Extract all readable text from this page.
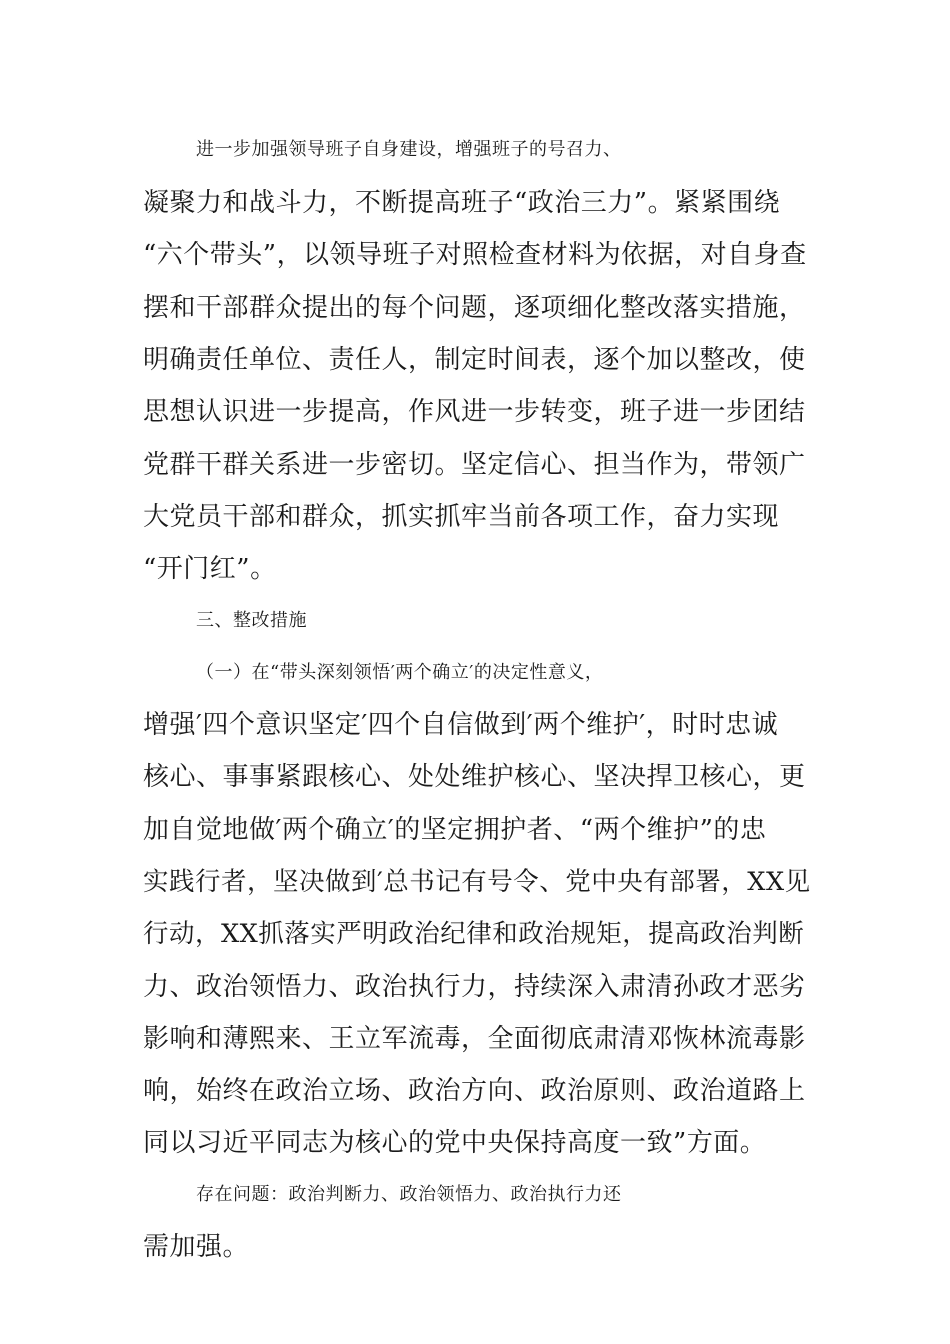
进一步加强领导班子自身建设，增强班子的号召力、
凝聚力和战斗力，不断提高班子“政治三力”。紧紧围绕
“六个带头”，以领导班子对照检查材料为依据，对自身查
摆和干部群众提出的每个问题，逐项细化整改落实措施，
明确责任单位、责任人，制定时间表，逐个加以整改，使
思想认识进一步提高，作风进一步转变，班子进一步团结
党群干群关系进一步密切。坚定信心、担当作为，带领广
大党员干部和群众，抓实抓牢当前各项工作，奋力实现
“开门红”。
三、整改措施
（一）在“带头深刻领悟′两个确立′的决定性意义，
增强′四个意识坚定′四个自信做到′两个维护′，时时忠诚
核心、事事紧跟核心、处处维护核心、坚决捍卫核心，更
加自觉地做′两个确立′的坚定拥护者、“两个维护”的忠
实践行者，坚决做到′总书记有号令、党中央有部署，XX见
行动，XX抓落实严明政治纪律和政治规矩，提高政治判断
力、政治领悟力、政治执行力，持续深入肃清孙政才恶劣
影响和薄熙来、王立军流毒，全面彻底肃清邓恢林流毒影
响，始终在政治立场、政治方向、政治原则、政治道路上
同以习近平同志为核心的党中央保持高度一致”方面。
存在问题：政治判断力、政治领悟力、政治执行力还
需加强。
